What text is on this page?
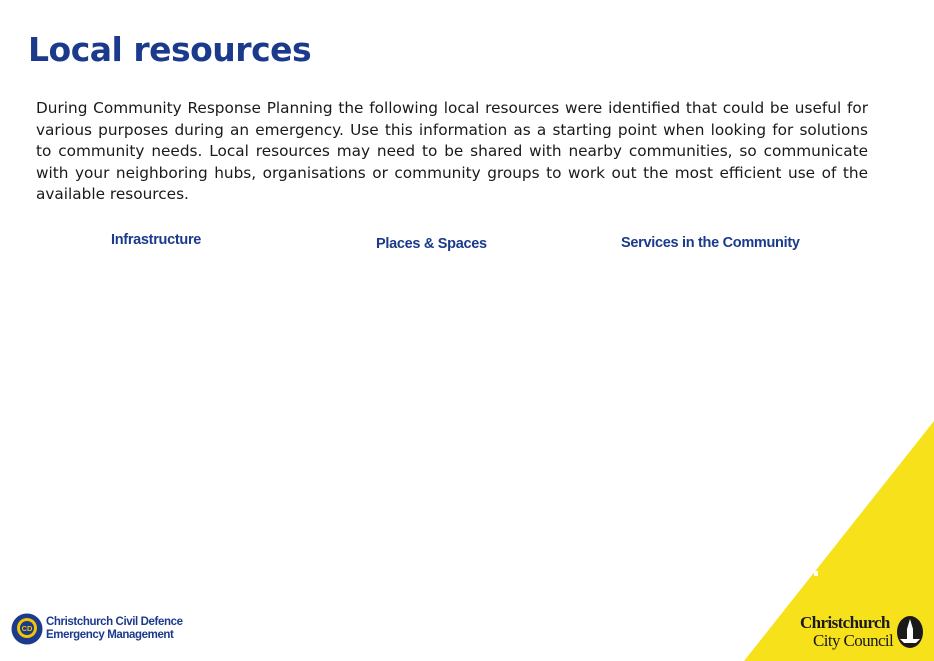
Local resources

During Community Response Planning the following local resources were identified that could be useful for various purposes during an emergency. Use this information as a starting point when looking for solutions to community needs. Local resources may need to be shared with nearby communities, so communicate with your neighboring hubs, organisations or community groups to work out the most efficient use of the available resources.

Infrastructure	Places & Spaces	Services in the Community
CD
Christchurch Civil Defence
Emergency Management
Christchurch
City Council
